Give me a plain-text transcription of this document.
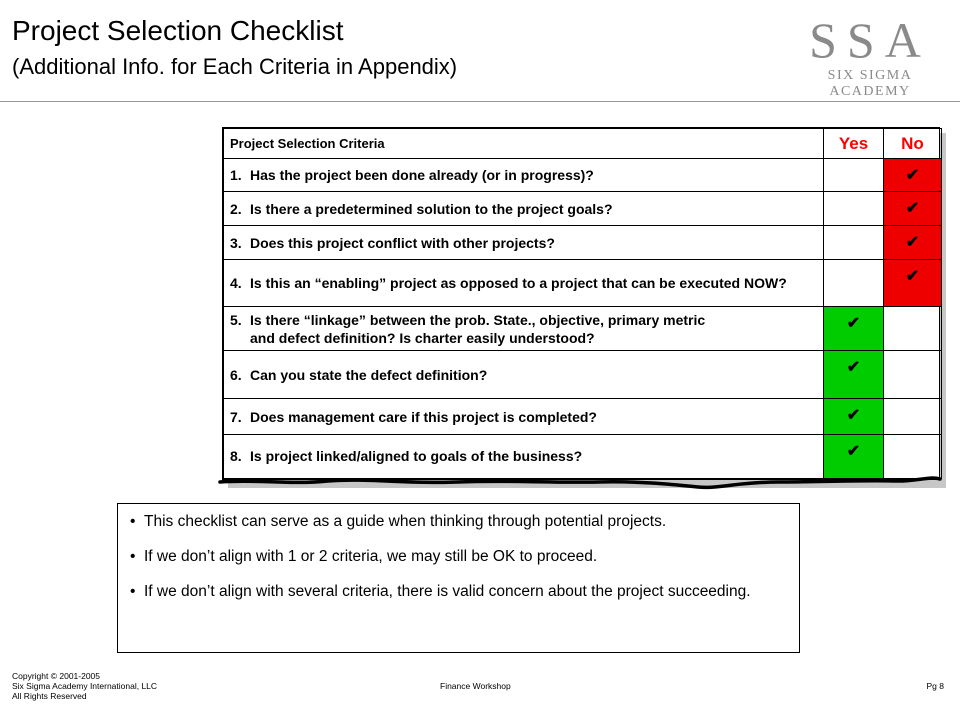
Project Selection Checklist
(Additional Info. for Each Criteria in Appendix)	SSA
SIX SIGMA ACADEMY
Project Selection Criteria	Yes	No
1. Has the project been done already (or in progress)?		✔
2. Is there a predetermined solution to the project goals?		✔
3. Does this project conflict with other projects?		✔
4. Is this an “enabling” project as opposed to a project that can be executed NOW?		✔
5. Is there “linkage” between the prob. State., objective, primary metric
and defect definition? Is charter easily understood?	✔	
6. Can you state the defect definition?	✔	
7. Does management care if this project is completed?	✔	
8. Is project linked/aligned to goals of the business?	✔	
• This checklist can serve as a guide when thinking through potential projects.
• If we don’t align with 1 or 2 criteria, we may still be OK to proceed.
• If we don’t align with several criteria, there is valid concern about the project succeeding.
Copyright © 2001-2005
Six Sigma Academy International, LLC
All Rights Reserved
Finance Workshop	Pg 8
